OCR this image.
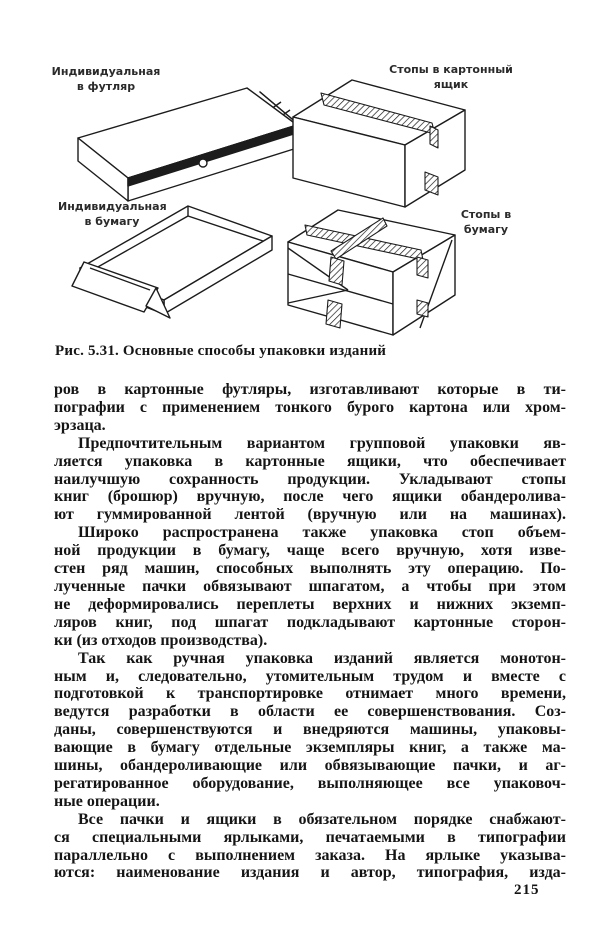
Индивидуальная
в футляр
Стопы в картонный
ящик
Индивидуальная
в бумагу
Стопы в
бумагу
Рис. 5.31. Основные способы упаковки изданий
ров в картонные футляры, изготавливают которые в ти-
пографии с применением тонкого бурого картона или хром-
эрзаца.
Предпочтительным вариантом групповой упаковки яв-
ляется упаковка в картонные ящики, что обеспечивает
наилучшую сохранность продукции. Укладывают стопы
книг (брошюр) вручную, после чего ящики обандеролива-
ют гуммированной лентой (вручную или на машинах).
Широко распространена также упаковка стоп объем-
ной продукции в бумагу, чаще всего вручную, хотя изве-
стен ряд машин, способных выполнять эту операцию. По-
лученные пачки обвязывают шпагатом, а чтобы при этом
не деформировались переплеты верхних и нижних экземп-
ляров книг, под шпагат подкладывают картонные сторон-
ки (из отходов производства).
Так как ручная упаковка изданий является монотон-
ным и, следовательно, утомительным трудом и вместе с
подготовкой к транспортировке отнимает много времени,
ведутся разработки в области ее совершенствования. Соз-
даны, совершенствуются и внедряются машины, упаковы-
вающие в бумагу отдельные экземпляры книг, а также ма-
шины, обандероливающие или обвязывающие пачки, и аг-
регатированное оборудование, выполняющее все упаковоч-
ные операции.
Все пачки и ящики в обязательном порядке снабжают-
ся специальными ярлыками, печатаемыми в типографии
параллельно с выполнением заказа. На ярлыке указыва-
ются: наименование издания и автор, типография, изда-
215
